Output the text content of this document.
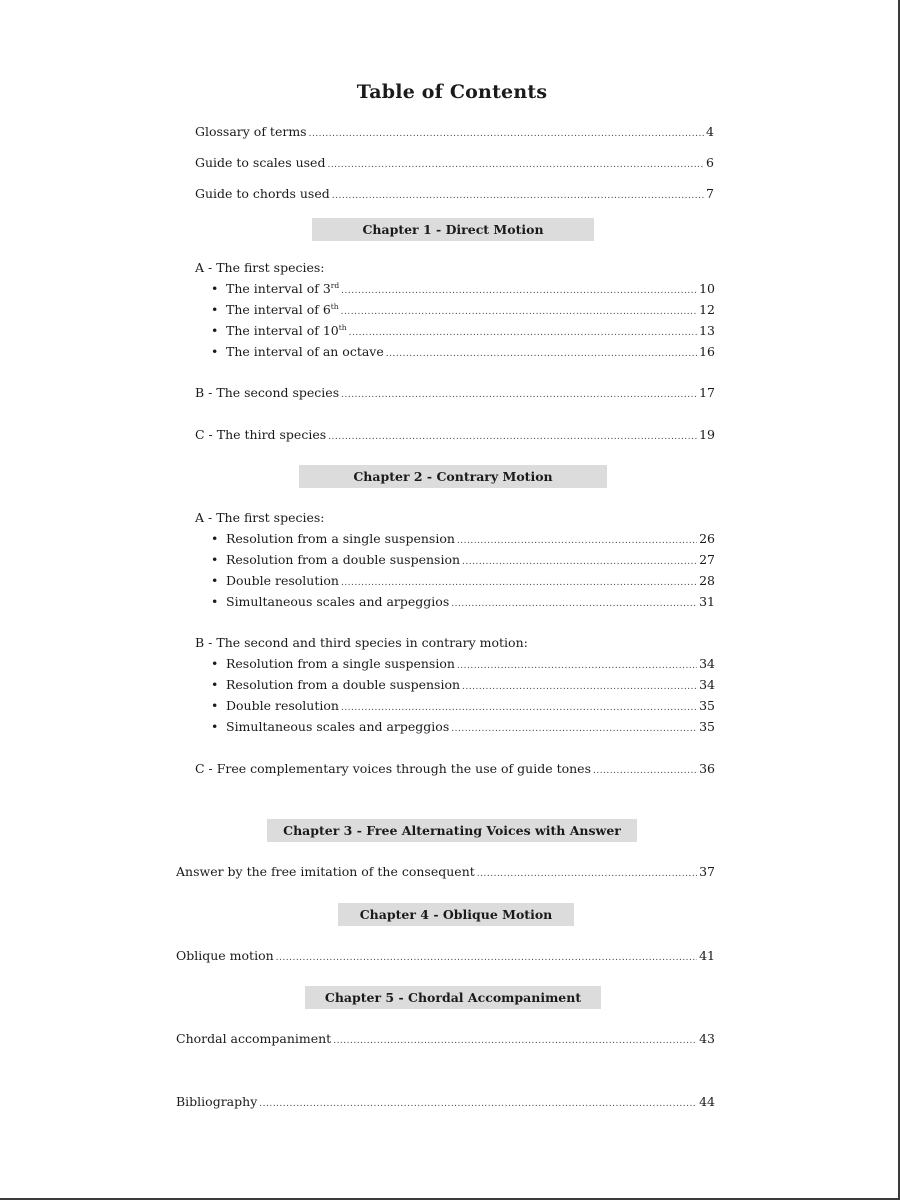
Table of Contents
Glossary of terms .....	4
Guide to scales used .....	6
Guide to chords used .....	7
Chapter 1 - Direct Motion
A - The first species:
• The interval of 3rd .....	10
• The interval of 6th .....	12
• The interval of 10th .....	13
• The interval of an octave .....	16
B - The second species .....	17
C - The third species .....	19
Chapter 2 - Contrary Motion
A - The first species:
• Resolution from a single suspension .....	26
• Resolution from a double suspension .....	27
• Double resolution .....	28
• Simultaneous scales and arpeggios .....	31
B - The second and third species in contrary motion:
• Resolution from a single suspension .....	34
• Resolution from a double suspension .....	34
• Double resolution .....	35
• Simultaneous scales and arpeggios .....	35
C - Free complementary voices through the use of guide tones .....	36
Chapter 3 - Free Alternating Voices with Answer
Answer by the free imitation of the consequent .....	37
Chapter 4 - Oblique Motion
Oblique motion .....	41
Chapter 5 - Chordal Accompaniment
Chordal accompaniment .....	43
Bibliography .....	44
